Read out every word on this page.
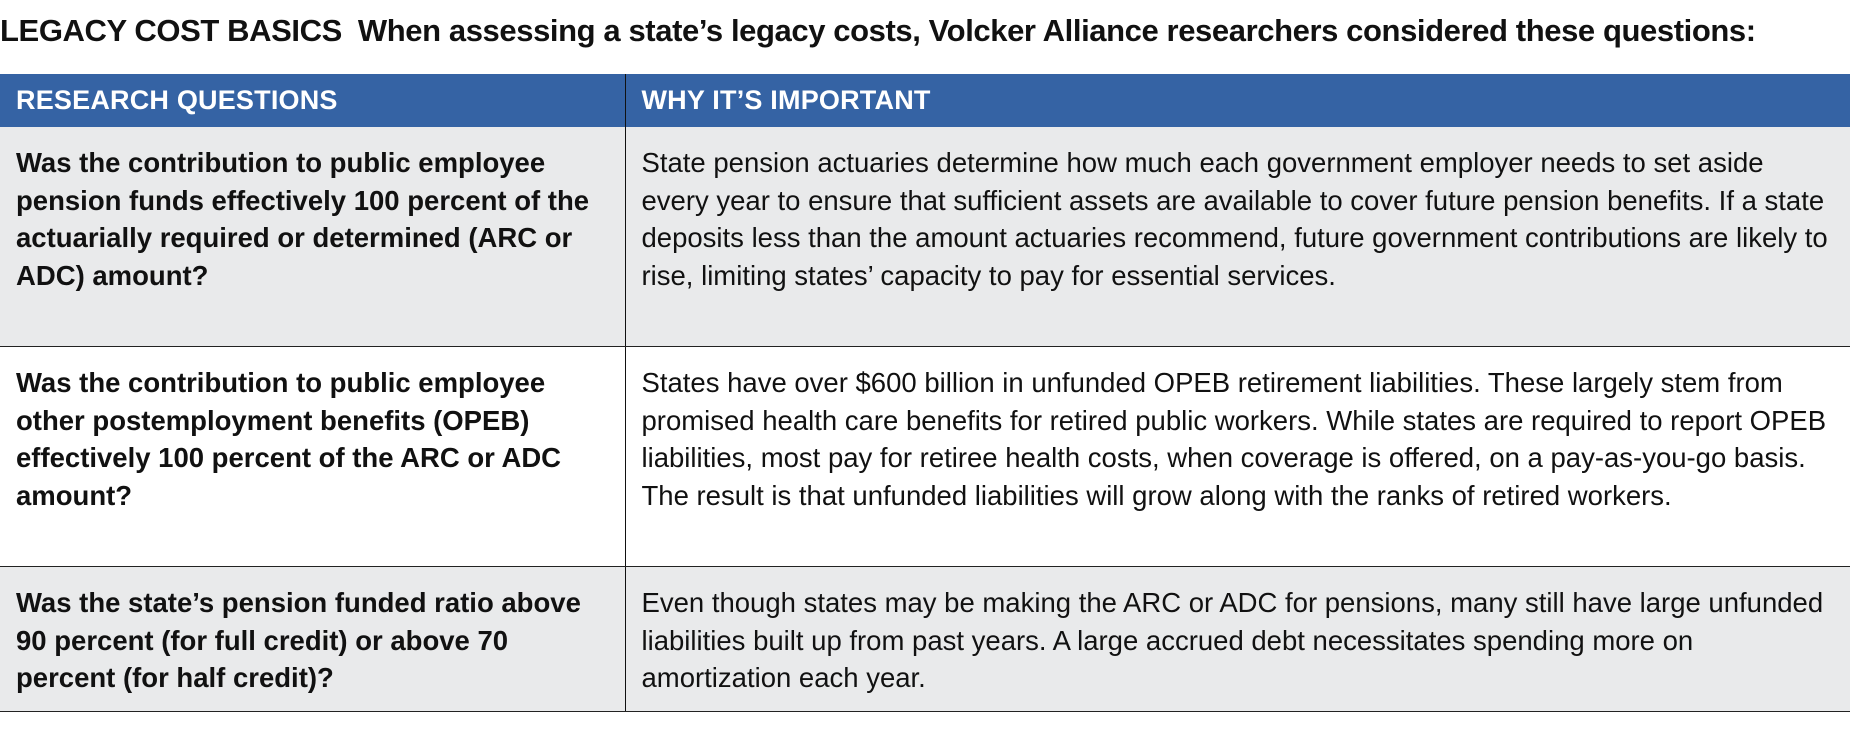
LEGACY COST BASICS When assessing a state’s legacy costs, Volcker Alliance researchers considered these questions:
RESEARCH QUESTIONS	WHY IT’S IMPORTANT
Was the contribution to public employee pension funds effectively 100 percent of the actuarially required or determined (ARC or ADC) amount?	State pension actuaries determine how much each government employer needs to set aside every year to ensure that sufficient assets are available to cover future pension benefits. If a state deposits less than the amount actuaries recommend, future government contributions are likely to rise, limiting states’ capacity to pay for essential services.
Was the contribution to public employee other postemployment benefits (OPEB) effectively 100 percent of the ARC or ADC amount?	States have over $600 billion in unfunded OPEB retirement liabilities. These largely stem from promised health care benefits for retired public workers. While states are required to report OPEB liabilities, most pay for retiree health costs, when coverage is offered, on a pay-as-you-go basis. The result is that unfunded liabilities will grow along with the ranks of retired workers.
Was the state’s pension funded ratio above 90 percent (for full credit) or above 70 percent (for half credit)?	Even though states may be making the ARC or ADC for pensions, many still have large unfunded liabilities built up from past years. A large accrued debt necessitates spending more on amortization each year.
